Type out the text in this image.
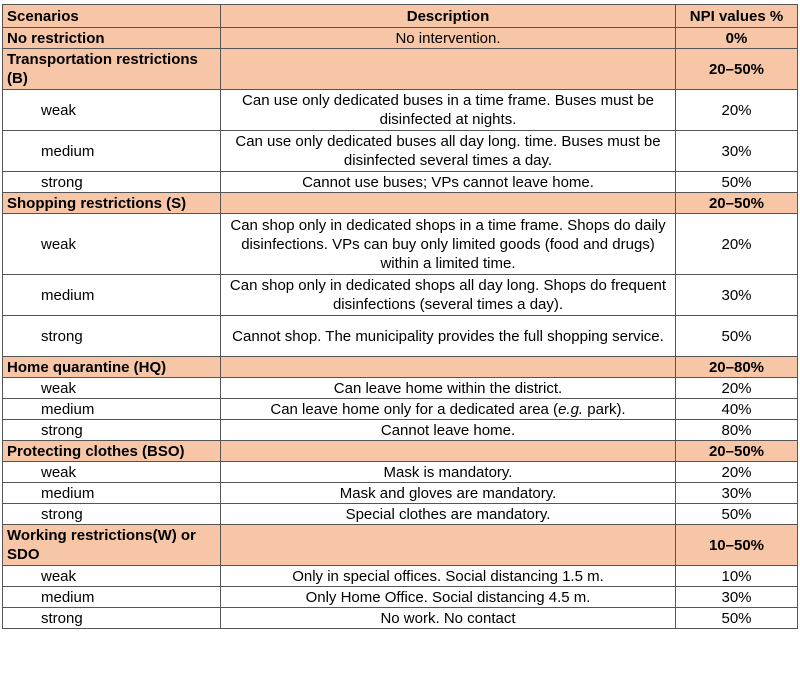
Scenarios	Description	NPI values %
No restriction	No intervention.	0%
Transportation restrictions (B)		20–50%
weak	Can use only dedicated buses in a time frame. Buses must be disinfected at nights.	20%
medium	Can use only dedicated buses all day long. time. Buses must be disinfected several times a day.	30%
strong	Cannot use buses; VPs cannot leave home.	50%
Shopping restrictions (S)		20–50%
weak	Can shop only in dedicated shops in a time frame. Shops do daily disinfections. VPs can buy only limited goods (food and drugs) within a limited time.	20%
medium	Can shop only in dedicated shops all day long. Shops do frequent disinfections (several times a day).	30%
strong	Cannot shop. The municipality provides the full shopping service.	50%
Home quarantine (HQ)		20–80%
weak	Can leave home within the district.	20%
medium	Can leave home only for a dedicated area (e.g. park).	40%
strong	Cannot leave home.	80%
Protecting clothes (BSO)		20–50%
weak	Mask is mandatory.	20%
medium	Mask and gloves are mandatory.	30%
strong	Special clothes are mandatory.	50%
Working restrictions(W) or SDO		10–50%
weak	Only in special offices. Social distancing 1.5 m.	10%
medium	Only Home Office. Social distancing 4.5 m.	30%
strong	No work. No contact	50%
